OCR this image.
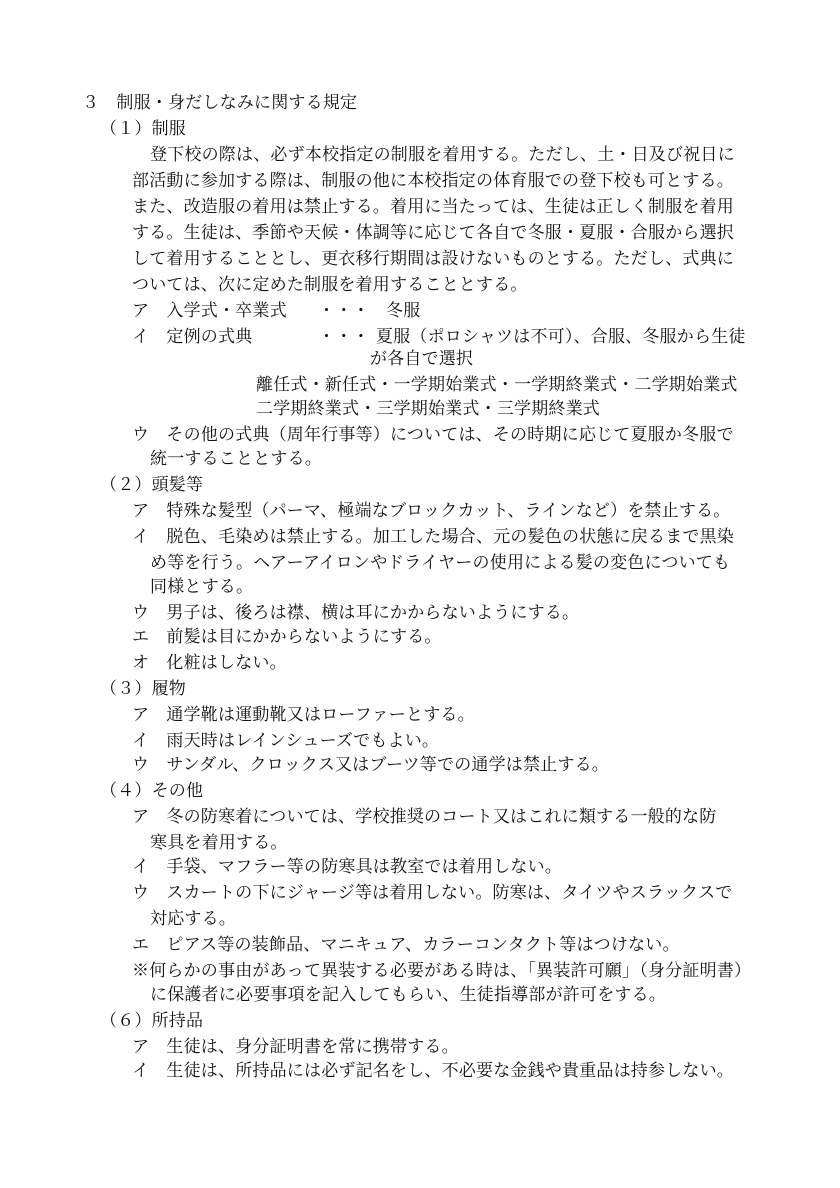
３　制服・身だしなみに関する規定
（１）制服
登下校の際は、必ず本校指定の制服を着用する。ただし、土・日及び祝日に
部活動に参加する際は、制服の他に本校指定の体育服での登下校も可とする。
また、改造服の着用は禁止する。着用に当たっては、生徒は正しく制服を着用
する。生徒は、季節や天候・体調等に応じて各自で冬服・夏服・合服から選択
して着用することとし、更衣移行期間は設けないものとする。ただし、式典に
ついては、次に定めた制服を着用することとする。
ア　入学式・卒業式 ・・・ 冬服
イ　定例の式典	・・・ 夏服（ポロシャツは不可）、合服、冬服から生徒
が各自で選択
離任式・新任式・一学期始業式・一学期終業式・二学期始業式
二学期終業式・三学期始業式・三学期終業式
ウ　その他の式典（周年行事等）については、その時期に応じて夏服か冬服で
統一することとする。
（２）頭髪等
ア　特殊な髪型（パーマ、極端なブロックカット、ラインなど）を禁止する。
イ　脱色、毛染めは禁止する。加工した場合、元の髪色の状態に戻るまで黒染
め等を行う。ヘアーアイロンやドライヤーの使用による髪の変色についても
同様とする。
ウ　男子は、後ろは襟、横は耳にかからないようにする。
エ　前髪は目にかからないようにする。
オ　化粧はしない。
（３）履物
ア　通学靴は運動靴又はローファーとする。
イ　雨天時はレインシューズでもよい。
ウ　サンダル、クロックス又はブーツ等での通学は禁止する。
（４）その他
ア　冬の防寒着については、学校推奨のコート又はこれに類する一般的な防
寒具を着用する。
イ　手袋、マフラー等の防寒具は教室では着用しない。
ウ　スカートの下にジャージ等は着用しない。防寒は、タイツやスラックスで
対応する。
エ　ピアス等の装飾品、マニキュア、カラーコンタクト等はつけない。
※何らかの事由があって異装する必要がある時は、「異装許可願」（身分証明書）
に保護者に必要事項を記入してもらい、生徒指導部が許可をする。
（６）所持品
ア　生徒は、身分証明書を常に携帯する。
イ　生徒は、所持品には必ず記名をし、不必要な金銭や貴重品は持参しない。
